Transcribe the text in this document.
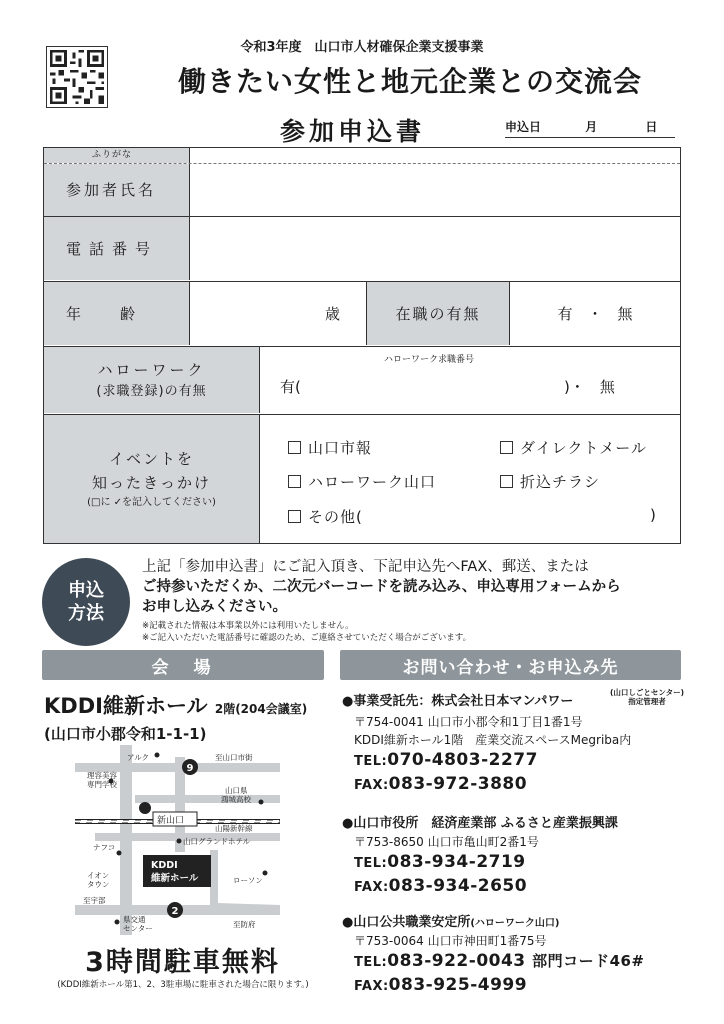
令和3年度　山口市人材確保企業支援事業
働きたい女性と地元企業との交流会
参加申込書	申込日	月	日
ふりがな
参加者氏名
電話番号
年　　齢	歳	在職の有無	有　・　無
ハローワーク
(求職登録)の有無
ハローワーク求職番号
有(	)・　無
イベントを
知ったきっかけ
(□に ✓を記入してください)
山口市報	ダイレクトメール
ハローワーク山口	折込チラシ
その他(	)
申込
方法
上記「参加申込書」にご記入頂き、下記申込先へFAX、郵送、または
ご持参いただくか、二次元バーコードを読み込み、申込専用フォームから
お申し込みください。
※記載された情報は本事業以外には利用いたしません。
※ご記入いただいた電話番号に確認のため、ご連絡させていただく場合がございます。
会　場
KDDI維新ホール 2階(204会議室)
(山口市小郡令和1-1-1)
9
2
アルク	至山口市街
理容美容
専門学校
山口県
鴻城高校
山陽新幹線
山口グランドホテル
ナフコ
イオン
タウン	ローソン
至宇部
県交通
センター	至防府
新山口
KDDI
維新ホール
3時間駐車無料
(KDDI維新ホール第1、2、3駐車場に駐車された場合に限ります。)
お問い合わせ・お申込み先
●事業受託先：株式会社日本マンパワー
(山口しごとセンター)
指定管理者
〒754-0041 山口市小郡令和1丁目1番1号
KDDI維新ホール1階　産業交流スペースMegriba内
TEL:070-4803-2277
FAX:083-972-3880
●山口市役所　経済産業部 ふるさと産業振興課
〒753-8650 山口市亀山町2番1号
TEL:083-934-2719
FAX:083-934-2650
●山口公共職業安定所(ハローワーク山口)
〒753-0064 山口市神田町1番75号
TEL:083-922-0043 部門コード46#
FAX:083-925-4999
